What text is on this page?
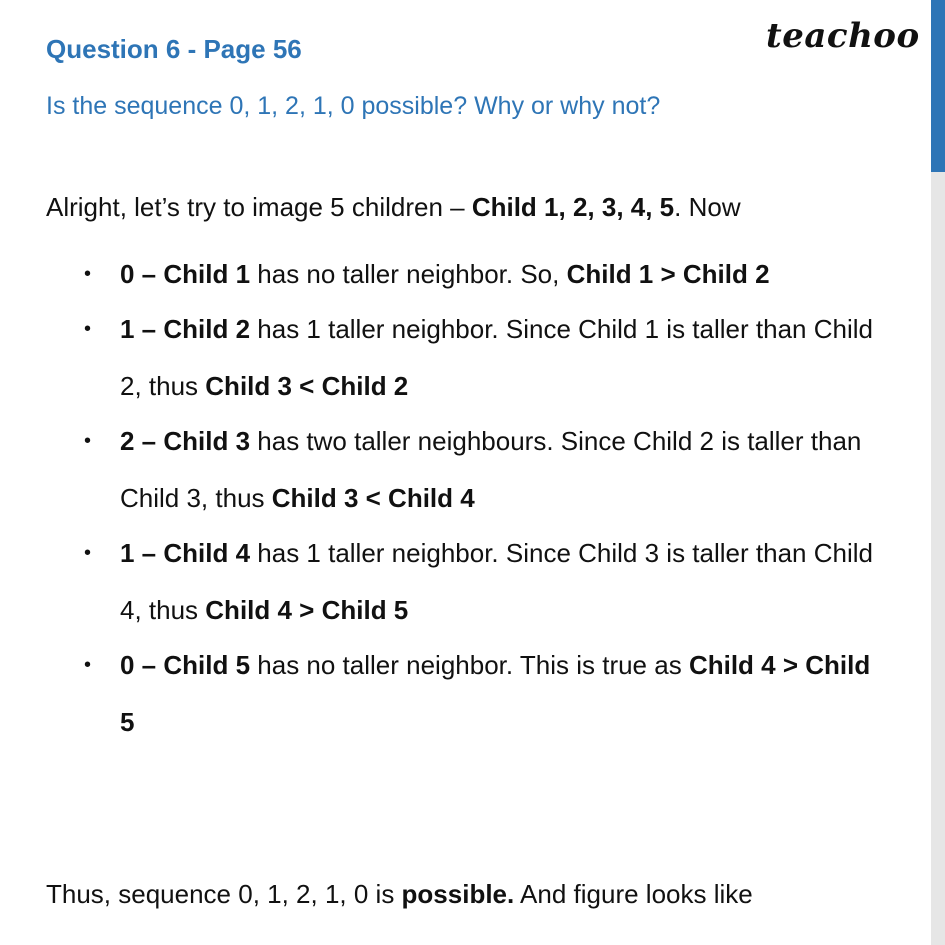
Question 6 - Page 56
Is the sequence 0, 1, 2, 1, 0 possible? Why or why not?
teachoo
Alright, let’s try to image 5 children – Child 1, 2, 3, 4, 5. Now
• 0 – Child 1 has no taller neighbor. So, Child 1 > Child 2
• 1 – Child 2 has 1 taller neighbor. Since Child 1 is taller than Child 2, thus Child 3 < Child 2
• 2 – Child 3 has two taller neighbours. Since Child 2 is taller than Child 3, thus Child 3 < Child 4
• 1 – Child 4 has 1 taller neighbor. Since Child 3 is taller than Child 4, thus Child 4 > Child 5
• 0 – Child 5 has no taller neighbor. This is true as Child 4 > Child 5
Thus, sequence 0, 1, 2, 1, 0 is possible. And figure looks like
